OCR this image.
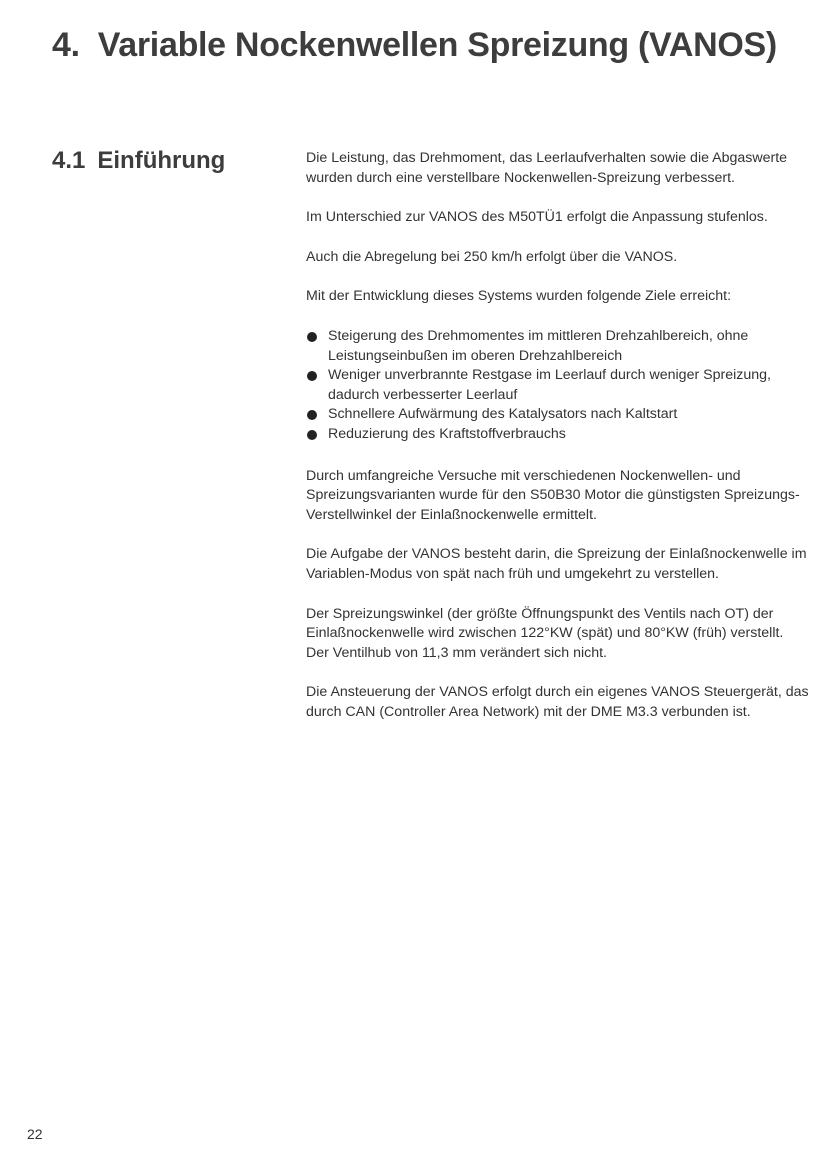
4. Variable Nockenwellen Spreizung (VANOS)
4.1 Einführung	Die Leistung, das Drehmoment, das Leerlaufverhalten sowie die Abgaswerte wurden durch eine verstellbare Nockenwellen-Spreizung verbessert.

Im Unterschied zur VANOS des M50TÜ1 erfolgt die Anpassung stufenlos.

Auch die Abregelung bei 250 km/h erfolgt über die VANOS.

Mit der Entwicklung dieses Systems wurden folgende Ziele erreicht:

Steigerung des Drehmomentes im mittleren Drehzahlbereich, ohne Leistungseinbußen im oberen Drehzahlbereich
Weniger unverbrannte Restgase im Leerlauf durch weniger Spreizung, dadurch verbesserter Leerlauf
Schnellere Aufwärmung des Katalysators nach Kaltstart
Reduzierung des Kraftstoffverbrauchs

Durch umfangreiche Versuche mit verschiedenen Nockenwellen- und Spreizungsvarianten wurde für den S50B30 Motor die günstigsten Spreizungs-Verstellwinkel der Einlaßnockenwelle ermittelt.

Die Aufgabe der VANOS besteht darin, die Spreizung der Einlaßnockenwelle im Variablen-Modus von spät nach früh und umgekehrt zu verstellen.

Der Spreizungswinkel (der größte Öffnungspunkt des Ventils nach OT) der Einlaßnockenwelle wird zwischen 122°KW (spät) und 80°KW (früh) verstellt. Der Ventilhub von 11,3 mm verändert sich nicht.

Die Ansteuerung der VANOS erfolgt durch ein eigenes VANOS Steuergerät, das durch CAN (Controller Area Network) mit der DME M3.3 verbunden ist.

22
